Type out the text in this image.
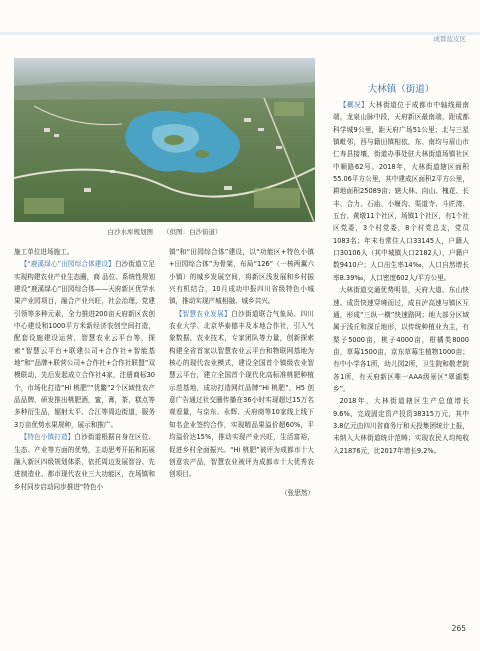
成都蓝皮区
白沙水库规划图 （供图：白沙街道）

施工单位进场施工。

【“鹿溪绿心”田园综合体建设】白沙街道立足实现构建农业产业生态圈，商 品位、系统性规划建设“鹿溪绿心”田园综合体——天府新区优学水果产业园项目，融合产业兴旺，社会治理，党建引领等多种元素，全力推进200亩天府新区农创中心建设和1000平方米新经济农创空间打造，配套设施建设运营，智慧农业云平台等，探索“智慧云平台+联建公司+合作社+智能基地”和“品牌+联营公司+合作社+合作社联盟”双模联动，先后发起成立合作社4家，注册商标30个，市场化打造“Hi 桃肥”“优鳖”2个区域性农产品品牌，研发推出桃肥酒，蜜，膏，茶，糕点等多种衍生品，辐射太平、合江等周边街道，服务3万亩优势水果规种，展示和推广。

【特色小镇打造】白沙街道根据自身在区位、生态、产业等方面的优势，主动思考开拓和拓展融入新区四级规划体系，依托周边发展智谷、先进制造业、都市现代农业三大功能区，在场镇和乡村同步启动同步推进“特色小

镇”和“田园综合体”建设，以“功能区+特色小镇+田园综合体”为骨架，布局“126”（一核两翼六小镇）的城乡发展空间，将新区浅发展和乡村振兴有机结合，10月成功申报四川省级特色小城镇，推动实现产城相融、城乡共兴。

【智慧农业发展】白沙街道联合气象局、四川农业大学、北京华泰德丰及本地合作社，引入气象数据，农业技术，专家团队等力量，创新探索构建全省首家以智慧农业云平台和物联网基地为核心的现代农业模式，建设全国首个镇级农业智慧云平台，建立全国首个现代化高标准桃肥种植示范基地，成功打造网红品牌“Hi 桃肥”，H5 创意广告通过社交圈传播在36小时实现超过15万名观看量，与京东、永辉、天府商等10家线上线下知名企业签约合作，实现精品果溢价超60%，平均溢价达15%，推动实现产业兴旺，生活富裕，促进乡村全面振兴。“Hi 桃肥”被评为成都市十大创意农产品，智慧农业被评为成都市十大优秀农创项目。

（张思然）
大林镇（街道）

【概况】大林街道位于成都市中轴线最南端，龙泉山脉中段，天府新区最南端，距成都科学城9公里，距天府广场51公里；北与三星镇毗邻，西与籍田镇相依，东、南均与眉山市仁寿县接壤，街道办事处驻大林街道场镇社区中顺路62号。2018年，大林街道辖区面积55.06平方公里，其中建成区面积2平方公里，耕地面积25089亩；辖大林、向山、槐花、长丰、合力、石庙、小堰沟、渠道寺、斗匠湾、五台、黄墩11个社区，场镇1个社区，有1个社区党委，3个村党委，8个村党总支，党员1083名；年末有常住人口33145人，户籍人口30106人（其中城镇人口2182人），户籍户数9410户；人口出生率14‰，人口自然增长率8.39‰，人口密度602人/平方公里。

大林街道交通优势明显，天府大道、东山快速、成贵快速穿境而过，成自泸高速与镇区互通，形成“三纵一横”快速路网；地大部分区域属于浅丘和深丘地形，以传统种植业为主，有梨子5000亩，桃子4000亩，柑橘类8000亩，草莓1500亩，京东草莓生植物1000亩；有中小学各1所，幼儿园2所，卫生院和敬老院各1所，有天府新区唯一AAA级景区“翠湖梨乡”。

2018年，大林街道辖区生产总值增长9.6%，完成固定资产投资38315万元，其中3.8亿元由四川省商务厅和天投集团统计上报，未纳入大林街道统计范畴；实现农民人均纯收入21876元，比2017年增长9.2%。

265
